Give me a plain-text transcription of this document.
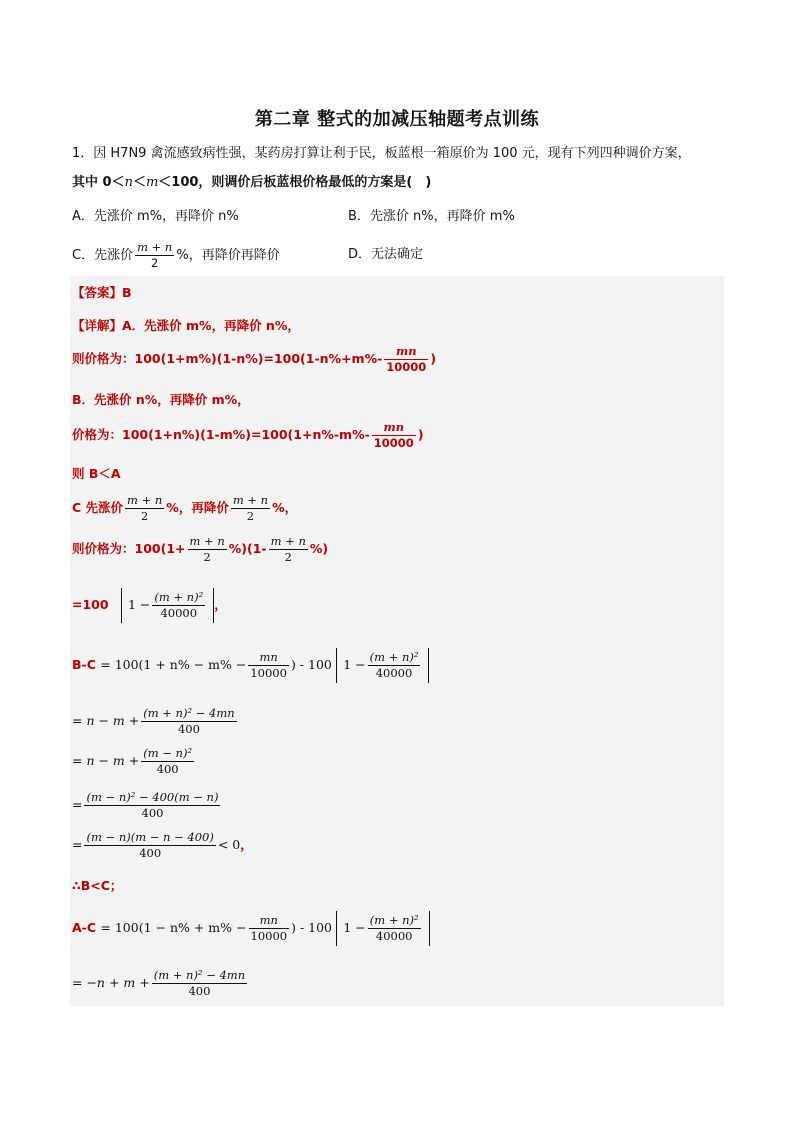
第二章 整式的加减压轴题考点训练
1．因 H7N9 禽流感致病性强，某药房打算让利于民，板蓝根一箱原价为 100 元，现有下列四种调价方案，
其中 0＜n＜m＜100，则调价后板蓝根价格最低的方案是(　)
A．先涨价 m%，再降价 n%	B．先涨价 n%，再降价 m%
C．先涨价 $\frac{m + n}{2}$ %，再降价再降价	D．无法确定
【答案】B
【详解】A．先涨价 m%，再降价 n%，
则价格为：$100(1+m\%)(1-n\%)=100(1-n\%+m\%- \frac{mn}{10000}$ )
B．先涨价 n%，再降价 m%，
价格为：$100(1+n\%)(1-m\%)=100(1+n\%-m\%- \frac{mn}{10000}$ )
则 B＜A
C 先涨价 $\frac{m + n}{2}$ %，再降价 $\frac{m + n}{2}$ %，
则价格为：$100(1+ \frac{m + n}{2} \%)(1- \frac{m + n}{2}$ %)
=100 $1 - \frac{\text{(m + n)²}}{40000}$ ，
$B-C = 100(1 + n\% - m\% - \frac{mn}{10000}$ ) - 100 $1 - \frac{\text{(m + n)²}}{40000}$
= $n - m + \frac{\text{(m + n)² − 4mn}}{400}$
= $n - m + \frac{\text{(m − n)²}}{400}$
= $\frac{\text{(m − n)² − 400(m − n)}}{400}$
= $\frac{(m - n)(m - n - 400)}{400} < 0$，
∴B<C；
$A-C = 100(1 - n\% + m\% - \frac{mn}{10000}$ ) - 100 $1 - \frac{\text{(m + n)²}}{40000}$
= $-n + m + \frac{\text{(m + n)² − 4mn}}{400}$
